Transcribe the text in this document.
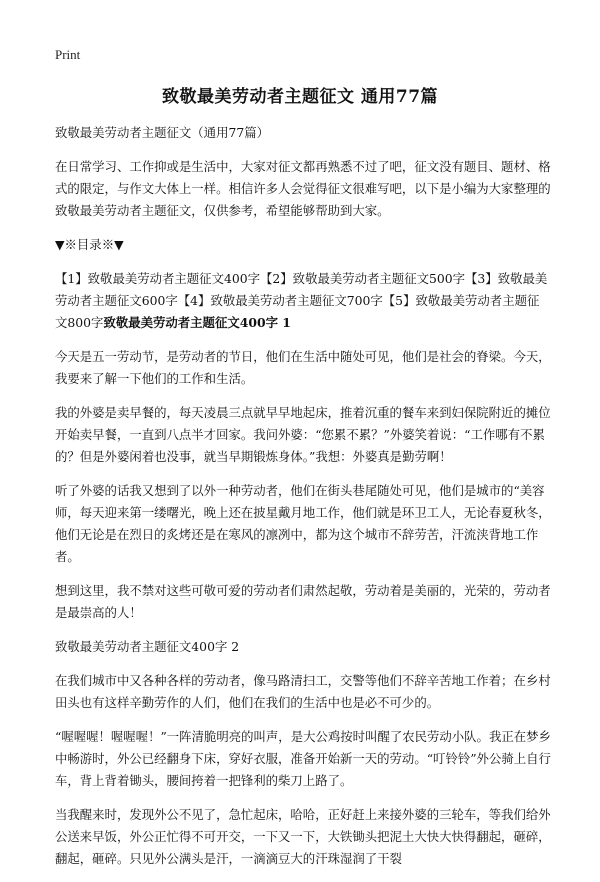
Print
致敬最美劳动者主题征文 通用77篇

致敬最美劳动者主题征文（通用77篇）

在日常学习、工作抑或是生活中，大家对征文都再熟悉不过了吧，征文没有题目、题材、格式的限定，与作文大体上一样。相信许多人会觉得征文很难写吧，以下是小编为大家整理的致敬最美劳动者主题征文，仅供参考，希望能够帮助到大家。

▼※目录※▼

【1】致敬最美劳动者主题征文400字【2】致敬最美劳动者主题征文500字【3】致敬最美劳动者主题征文600字【4】致敬最美劳动者主题征文700字【5】致敬最美劳动者主题征文800字致敬最美劳动者主题征文400字 1

今天是五一劳动节，是劳动者的节日，他们在生活中随处可见，他们是社会的脊梁。今天，我要来了解一下他们的工作和生活。

我的外婆是卖早餐的，每天凌晨三点就早早地起床，推着沉重的餐车来到妇保院附近的摊位开始卖早餐，一直到八点半才回家。我问外婆：“您累不累？”外婆笑着说：“工作哪有不累的？但是外婆闲着也没事，就当早期锻炼身体。”我想：外婆真是勤劳啊！

听了外婆的话我又想到了以外一种劳动者，他们在街头巷尾随处可见，他们是城市的“美容师，每天迎来第一缕曙光，晚上还在披星戴月地工作，他们就是环卫工人，无论春夏秋冬，他们无论是在烈日的炙烤还是在寒风的凛冽中，都为这个城市不辞劳苦，汗流浃背地工作者。

想到这里，我不禁对这些可敬可爱的劳动者们肃然起敬，劳动着是美丽的，光荣的，劳动者是最崇高的人！

致敬最美劳动者主题征文400字 2

在我们城市中又各种各样的劳动者，像马路清扫工，交警等他们不辞辛苦地工作着；在乡村田头也有这样辛勤劳作的人们，他们在我们的生活中也是必不可少的。

“喔喔喔！喔喔喔！”一阵清脆明亮的叫声，是大公鸡按时叫醒了农民劳动小队。我正在梦乡中畅游时，外公已经翻身下床，穿好衣服，准备开始新一天的劳动。“叮铃铃”外公骑上自行车，背上背着锄头，腰间挎着一把锋利的柴刀上路了。

当我醒来时，发现外公不见了，急忙起床，哈哈，正好赶上来接外婆的三轮车，等我们给外公送来早饭，外公正忙得不可开交，一下又一下，大铁锄头把泥土大快大快得翻起，砸碎，翻起，砸碎。只见外公满头是汗，一滴滴豆大的汗珠湿润了干裂
